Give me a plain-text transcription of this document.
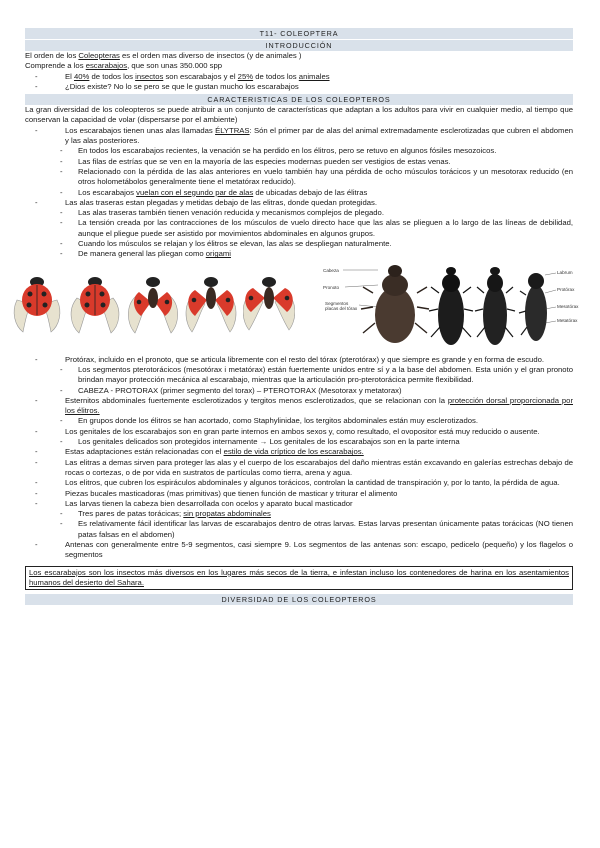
T11- COLEOPTERA
INTRODUCCIÓN

El orden de los Coleopteras es el orden mas diverso de insectos (y de animales )

Comprende a los escarabajos, que son unas 350.000 spp

- El 40% de todos los insectos son escarabajos y el 25% de todos los animales

- ¿Dios existe? No lo se pero se que le gustan mucho los escarabajos

CARACTERISTICAS DE LOS COLEOPTEROS

La gran diversidad de los coleopteros se puede atribuir a un conjunto de características que adaptan a los adultos para vivir en cualquier medio, al tiempo que conservan la capacidad de volar (dispersarse por el ambiente)

- Los escarabajos tienen unas alas llamadas ÉLYTRAS: Són el primer par de alas del animal extremadamente esclerotizadas que cubren el abdomen y las alas posteriores.

- En todos los escarabajos recientes, la venación se ha perdido en los élitros, pero se retuvo en algunos fósiles mesozoicos.

- Las filas de estrías que se ven en la mayoría de las especies modernas pueden ser vestigios de estas venas.

- Relacionado con la pérdida de las alas anteriores en vuelo también hay una pérdida de ocho músculos torácicos y un mesotorax reducido (en otros holometábolos generalmente tiene el metatórax reducido).

- Los escarabajos vuelan con el segundo par de alas de ubicadas debajo de las élitras

- Las alas traseras estan plegadas y metidas debajo de las elitras, donde quedan protegidas.

- Las alas traseras también tienen venación reducida y mecanismos complejos de plegado.

- La tensión creada por las contracciones de los músculos de vuelo directo hace que las alas se plieguen a lo largo de las líneas de debilidad, aunque el pliegue puede ser asistido por movimientos abdominales en algunos grupos.

- Cuando los músculos se relajan y los élitros se elevan, las alas se despliegan naturalmente.

- De manera general las pliegan como origami

Cabeza
Pronoto
Segmentos placas del tórax
Labrum
Protórax
Mesotórax
Metatórax

- Protórax, incluido en el pronoto, que se articula libremente con el resto del tórax (pterotórax) y que siempre es grande y en forma de escudo.

- Los segmentos pterotorácicos (mesotórax i metatórax) están fuertemente unidos entre sí y a la base del abdomen. Esta unión y el gran pronoto brindan mayor protección mecánica al escarabajo, mientras que la articulación pro-pterotorácica permite flexibilidad.

- CABEZA - PROTORAX (primer segmento del torax) – PTEROTORAX (Mesotorax y metatorax)

- Esternitos abdominales fuertemente esclerotizados y tergitos menos esclerotizados, que se relacionan con la protección dorsal proporcionada por los élitros.

- En grupos donde los élitros se han acortado, como Staphylinidae, los tergitos abdominales están muy esclerotizados.

- Los genitales de los escarabajos son en gran parte internos en ambos sexos y, como resultado, el ovopositor está muy reducido o ausente.

- Los genitales delicados son protegidos internamente → Los genitales de los escarabajos son en la parte interna

- Estas adaptaciones están relacionadas con el estilo de vida críptico de los escarabajos.

- Las elitras a demas sirven para proteger las alas y el cuerpo de los escarabajos del daño mientras están excavando en galerías estrechas debajo de rocas o cortezas, o de por vida en sustratos de partículas como tierra, arena y agua.

- Los elitros, que cubren los espiráculos abdominales y algunos torácicos, controlan la cantidad de transpiración y, por lo tanto, la pérdida de agua.

- Piezas bucales masticadoras (mas primitivas) que tienen función de masticar y triturar el alimento

- Las larvas tienen la cabeza bien desarrollada con ocelos y aparato bucal masticador

- Tres pares de patas torácicas; sin propatas abdominales

- Es relativamente fácil identificar las larvas de escarabajos dentro de otras larvas. Estas larvas presentan únicamente patas torácicas (NO tienen patas falsas en el abdomen)

- Antenas con generalmente entre 5-9 segmentos, casi siempre 9. Los segmentos de las antenas son: escapo, pedicelo (pequeño) y los flagelos o segmentos

Los escarabajos son los insectos más diversos en los lugares más secos de la tierra, e infestan incluso los contenedores de harina en los asentamientos humanos del desierto del Sahara.
DIVERSIDAD DE LOS COLEOPTEROS
